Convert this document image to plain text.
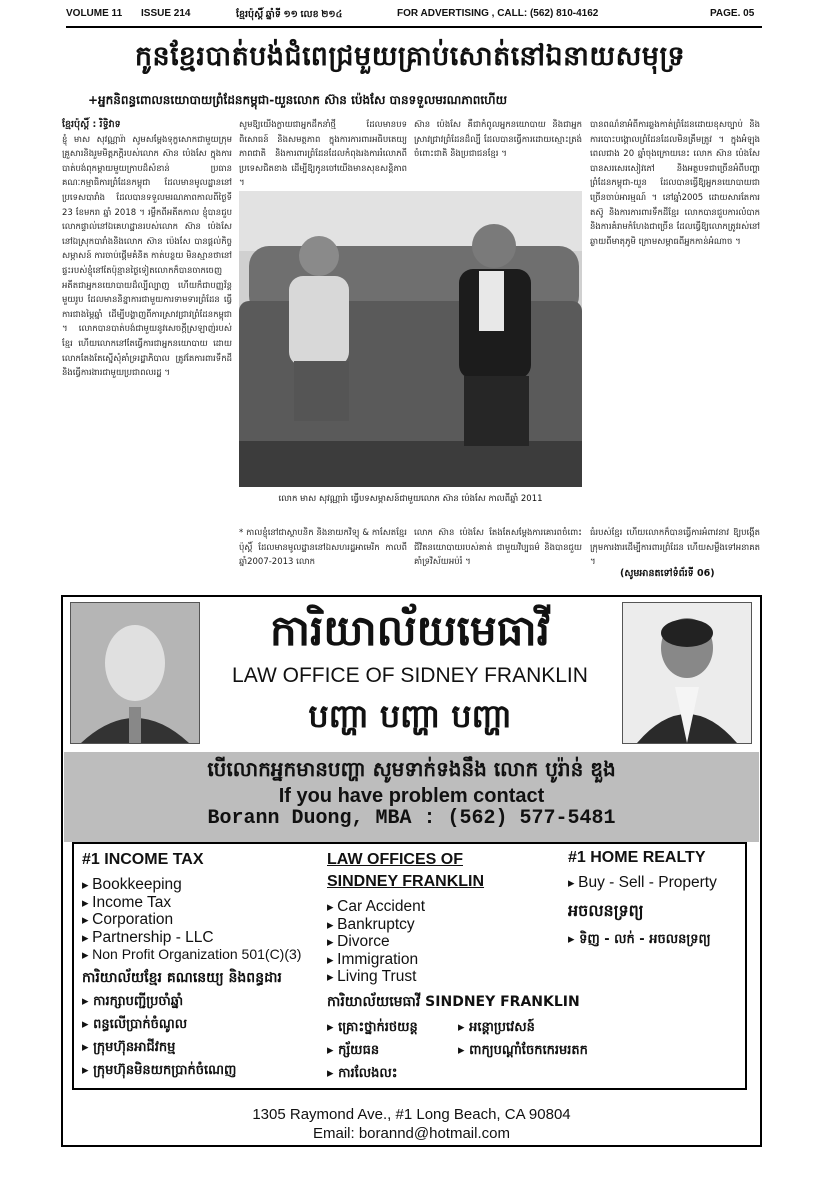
VOLUME 11 ISSUE 214	ខ្មែរប៉ុស្តិ៍ ឆ្នាំទី ១១ លេខ ២១៤	FOR ADVERTISING , CALL: (562) 810-4162	PAGE. 05
កូនខ្មែរបាត់បង់ជំពេជ្រមួយគ្រាប់សោត់នៅឯនាយសមុទ្រ
+អ្នកនិពន្ធពោលនយោបាយព្រំដែនកម្ពុជា-យួនលោក ស៊ាន ប៉េងសែ បានទទួលមរណភាពហើយ
ខ្មែរប៉ុស្តិ៍ : រិទ្ធិវាទ
ខ្ញុំ មាស សុវណ្ណារ៉ា សូមសម្តែងទុក្ខសោកជាមួយក្រុមគ្រួសារនិងរួមមិត្តភក្តិរបស់លោក ស៊ាន ប៉េងសែ ក្នុងការបាត់បង់ពុកម្តាយមួយក្រាបដ៏សំខាន់ ប្រធានគណៈកម្មាធិការព្រំដែនកម្ពុជា ដែលមានមូលដ្ឋាននៅប្រទេសបារាំង ដែលបានទទួលមរណភាពកាលពីថ្ងៃទី 23 ខែមករា ឆ្នាំ 2018 ។ រម្លឹកពីអតីតកាល ខ្ញុំបានជួបលោកផ្ទាល់នៅឯគេហដ្ឋានរបស់លោក ស៊ាន ប៉េងសែ នៅឯស្រុកបារាំងនិងលោក ស៊ាន ប៉េងសែ បានផ្តល់កិច្ចសម្ភាសន៍ ការចាប់ផ្តើមគំនិត កាត់បន្ថយ មិនស្មានថានៅផ្ទះរបស់ខ្ញុំនៅតែប៉ុន្មានថ្ងៃទៀតលោកក៏បានចាកចេញ អតីតជាអ្នកនយោបាយដ៏ល្បីល្បាញ ហើយក៏ជាបញ្ញវ័ន្តមួយរូប ដែលមាននិន្នាការជាមួយការទាមទារព្រំដែន ធ្វើការជាងម្ភៃឆ្នាំ ដើម្បីបង្ហាញពីការស្រាវជ្រាវព្រំដែនកម្ពុជា ។ លោកបានបាត់បង់ជាមួយនូវសេចក្តីស្រឡាញ់របស់ខ្មែរ ហើយលោកនៅតែធ្វើការជាអ្នកនយោបាយ ដោយលោកតែងតែស្នើសុំគាំទ្ររដ្ឋាភិបាល ត្រូវតែការពារទឹកដី និងធ្វើការងារជាមួយប្រជាពលរដ្ឋ ។
សូមឱ្យយើងក្លាយជាអ្នកដឹកនាំថ្មី ដែលមានបទពិសោធន៍ និងសមត្ថភាព ក្នុងការការពារអធិបតេយ្យភាពជាតិ និងការពារព្រំដែនដែលកំពុងរងការរំលោភពីប្រទេសជិតខាង ដើម្បីឱ្យកូនចៅយើងមានសុខសន្តិភាព ។
ស៊ាន ប៉េងសែ គឺជាកំពូលអ្នកនយោបាយ និងជាអ្នកស្រាវជ្រាវព្រំដែនដ៏ល្បី ដែលបានធ្វើការដោយស្មោះត្រង់ចំពោះជាតិ និងប្រជាជនខ្មែរ ។
បានពណ៌នាអំពីការឆ្លងកាត់ព្រំដែនដោយខុសច្បាប់ និងការបោះបង្គោលព្រំដែនដែលមិនត្រឹមត្រូវ ។ ក្នុងអំឡុងពេលជាង 20 ឆ្នាំចុងក្រោយនេះ លោក ស៊ាន ប៉េងសែ បានសរសេរសៀវភៅ និងអត្ថបទជាច្រើនអំពីបញ្ហាព្រំដែនកម្ពុជា-យួន ដែលបានធ្វើឱ្យអ្នកនយោបាយជាច្រើនចាប់អារម្មណ៍ ។ នៅឆ្នាំ2005 ដោយសារតែការតស៊ូ និងការការពារទឹកដីខ្មែរ លោកបានជួបការលំបាក និងការគំរាមកំហែងជាច្រើន ដែលធ្វើឱ្យលោកត្រូវរស់នៅឆ្ងាយពីមាតុភូមិ ក្រោមសម្ពាធពីអ្នកកាន់អំណាច ។
លោក មាស សុវណ្ណារ៉ា ធ្វើបទសម្ភាសន៍ជាមួយលោក ស៊ាន ប៉េងសែ កាលពីឆ្នាំ 2011
* កាលខ្ញុំនៅជាស្ថាបនិក និងនាយកវិទ្យុ & កាសែតខ្មែរប៉ុស្តិ៍ ដែលមានមូលដ្ឋាននៅឯសហរដ្ឋអាមេរិក កាលពីឆ្នាំ2007-2013 លោក
លោក ស៊ាន ប៉េងសែ តែងតែសម្តែងការគោរពចំពោះជីវិតនយោបាយរបស់គាត់ ជាមួយវិប្បធម៌ និងបានជួយគាំទ្រវិស័យអប់រំ ។
ធំរបស់ខ្មែរ ហើយលោកក៏បានធ្វើការអំពាវនាវ ឱ្យបង្កើតក្រុមការងារដើម្បីការពារព្រំដែន ហើយសម្លឹងទៅអនាគត ។
(សូមអានតទៅទំព័រទី 06)
ការិយាល័យមេធាវី
LAW OFFICE OF SIDNEY FRANKLIN
បញ្ហា បញ្ហា បញ្ហា
បើលោកអ្នកមានបញ្ហា សូមទាក់ទងនឹង លោក បូរ៉ាន់ ឌួង
If you have problem contact
Borann Duong, MBA : (562) 577-5481
#1 INCOME TAX
▸ Bookkeeping
▸ Income Tax
▸ Corporation
▸ Partnership - LLC
▸ Non Profit Organization 501(C)(3)
ការិយាល័យខ្មែរ គណនេយ្យ និងពន្ធដារ
▸ ការក្សាបញ្ជីប្រចាំឆ្នាំ
▸ ពន្ធលើប្រាក់ចំណូល
▸ ក្រុមហ៊ុនអាជីវកម្ម
▸ ក្រុមហ៊ុនមិនយកប្រាក់ចំណេញ
LAW OFFICES OF
SINDNEY FRANKLIN
▸ Car Accident
▸ Bankruptcy
▸ Divorce
▸ Immigration
▸ Living Trust
ការិយាល័យមេធាវី SINDNEY FRANKLIN
▸ គ្រោះថ្នាក់រថយន្ត
▸ ក្ស័យធន
▸ ការលែងលះ
▸ អន្តោប្រវេសន៍
▸ ពាក្យបណ្តាំចែកកេរមរតក
#1 HOME REALTY
▸ Buy - Sell - Property
អចលនទ្រព្យ
▸ ទិញ - លក់ - អចលនទ្រព្យ
1305 Raymond Ave., #1 Long Beach, CA 90804
Email: borannd@hotmail.com
